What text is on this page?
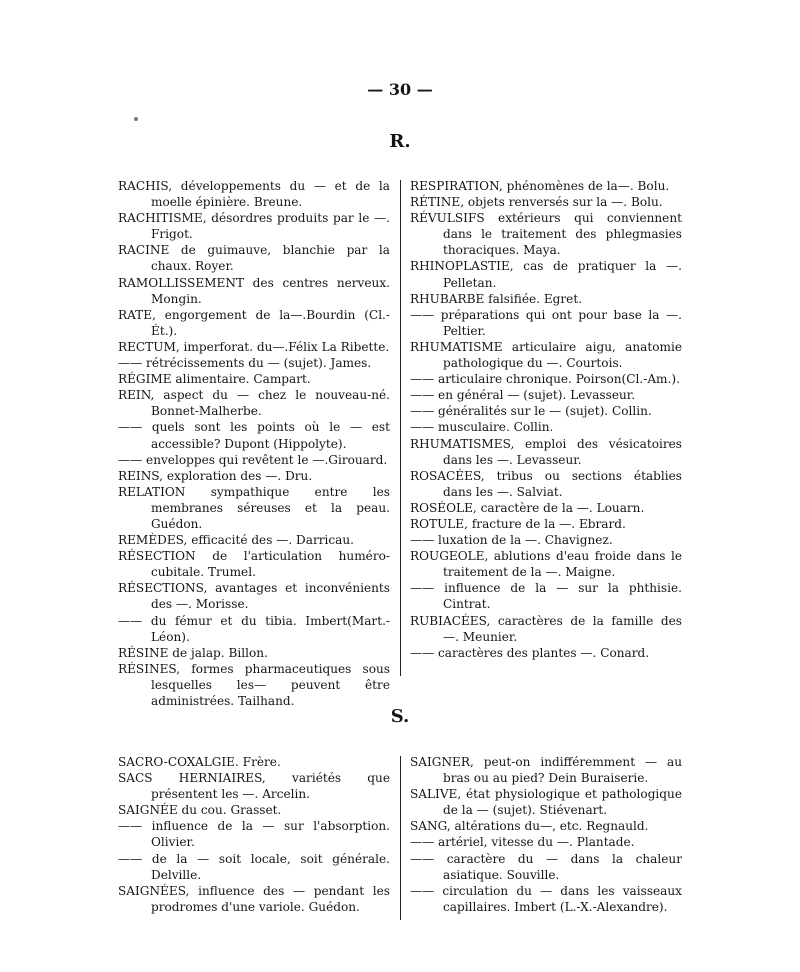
— 30 —
R.
RACHIS, développements du — et de la moelle épinière. Breune.
RACHITISME, désordres produits par le —. Frigot.
RACINE de guimauve, blanchie par la chaux. Royer.
RAMOLLISSEMENT des centres nerveux. Mongin.
RATE, engorgement de la—.Bourdin (Cl.-Ét.).
RECTUM, imperforat. du—.Félix La Ribette.
—— rétrécissements du — (sujet). James.
RÉGIME alimentaire. Campart.
REIN, aspect du — chez le nouveau-né. Bonnet-Malherbe.
—— quels sont les points où le — est accessible? Dupont (Hippolyte).
—— enveloppes qui revêtent le —.Girouard.
REINS, exploration des —. Dru.
RELATION sympathique entre les membranes séreuses et la peau. Guédon.
REMÈDES, efficacité des —. Darricau.
RÉSECTION de l'articulation huméro-cubitale. Trumel.
RÉSECTIONS, avantages et inconvénients des —. Morisse.
—— du fémur et du tibia. Imbert(Mart.-Léon).
RÉSINE de jalap. Billon.
RÉSINES, formes pharmaceutiques sous lesquelles les— peuvent être administrées. Tailhand.
RESPIRATION, phénomènes de la—. Bolu.
RÉTINE, objets renversés sur la —. Bolu.
RÉVULSIFS extérieurs qui conviennent dans le traitement des phlegmasies thoraciques. Maya.
RHINOPLASTIE, cas de pratiquer la —. Pelletan.
RHUBARBE falsifiée. Egret.
—— préparations qui ont pour base la —. Peltier.
RHUMATISME articulaire aigu, anatomie pathologique du —. Courtois.
—— articulaire chronique. Poirson(Cl.-Am.).
—— en général — (sujet). Levasseur.
—— généralités sur le — (sujet). Collin.
—— musculaire. Collin.
RHUMATISMES, emploi des vésicatoires dans les —. Levasseur.
ROSACÉES, tribus ou sections établies dans les —. Salviat.
ROSÉOLE, caractère de la —. Louarn.
ROTULE, fracture de la —. Ebrard.
—— luxation de la —. Chavignez.
ROUGEOLE, ablutions d'eau froide dans le traitement de la —. Maigne.
—— influence de la — sur la phthisie. Cintrat.
RUBIACÉES, caractères de la famille des —. Meunier.
—— caractères des plantes —. Conard.
S.
SACRO-COXALGIE. Frère.
SACS HERNIAIRES, variétés que présentent les —. Arcelin.
SAIGNÉE du cou. Grasset.
—— influence de la — sur l'absorption. Olivier.
—— de la — soit locale, soit générale. Delville.
SAIGNÉES, influence des — pendant les prodromes d'une variole. Guédon.
SAIGNER, peut-on indifféremment — au bras ou au pied? Dein Buraiserie.
SALIVE, état physiologique et pathologique de la — (sujet). Stiévenart.
SANG, altérations du—, etc. Regnauld.
—— artériel, vitesse du —. Plantade.
—— caractère du — dans la chaleur asiatique. Souville.
—— circulation du — dans les vaisseaux capillaires. Imbert (L.-X.-Alexandre).
